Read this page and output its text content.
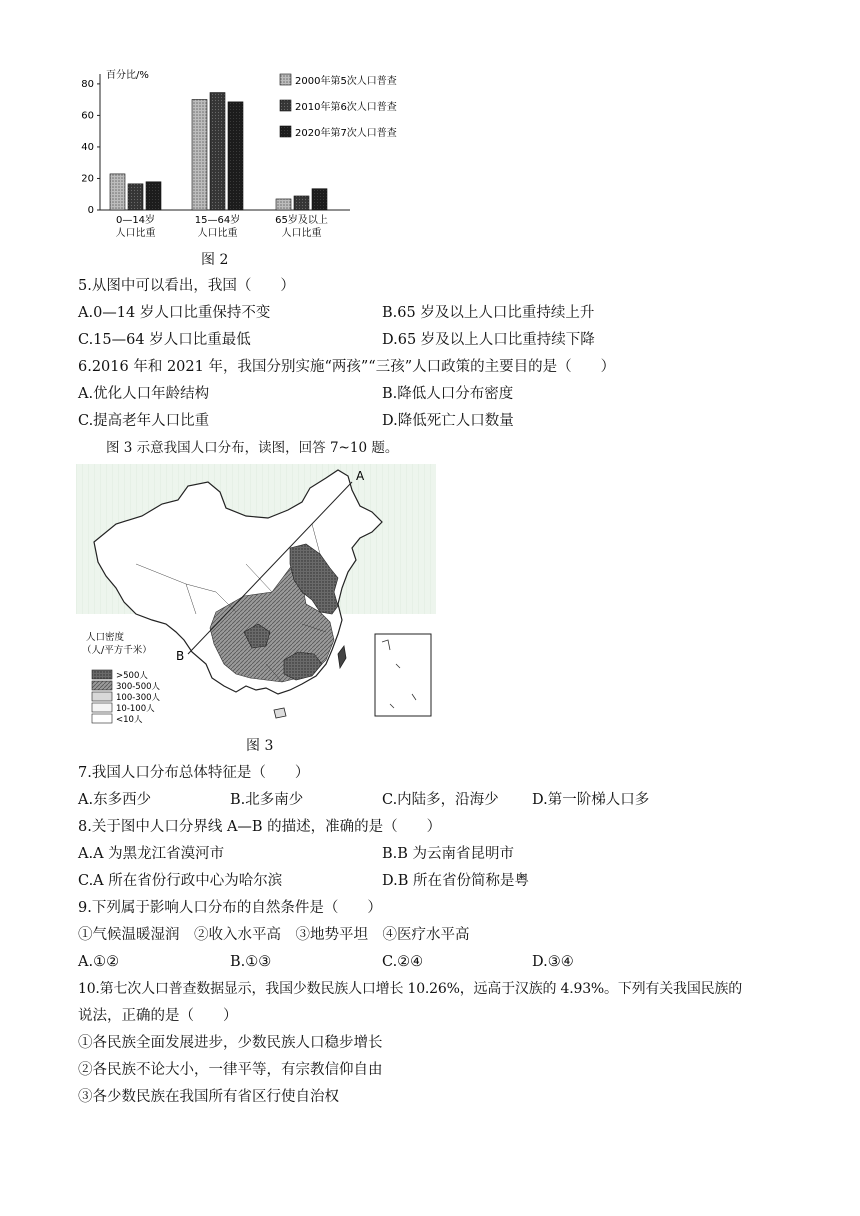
百分比/%
0
20
40
60
80
0—14岁
人口比重
15—64岁
人口比重
65岁及以上
人口比重
2000年第5次人口普查
2010年第6次人口普查
2020年第7次人口普查
图 2
5.从图中可以看出，我国（　　）
A.0—14 岁人口比重保持不变	B.65 岁及以上人口比重持续上升
C.15—64 岁人口比重最低	D.65 岁及以上人口比重持续下降
6.2016 年和 2021 年，我国分别实施“两孩”“三孩”人口政策的主要目的是（　　）
A.优化人口年龄结构	B.降低人口分布密度
C.提高老年人口比重	D.降低死亡人口数量
图 3 示意我国人口分布，读图，回答 7~10 题。
A
B
人口密度
（人/平方千米）
>500人
300-500人
100-300人
10-100人
<10人
图 3
7.我国人口分布总体特征是（　　）
A.东多西少	B.北多南少	C.内陆多，沿海少 D.第一阶梯人口多
8.关于图中人口分界线 A—B 的描述，准确的是（　　）
A.A 为黑龙江省漠河市	B.B 为云南省昆明市
C.A 所在省份行政中心为哈尔滨	D.B 所在省份简称是粤
9.下列属于影响人口分布的自然条件是（　　）
①气候温暖湿润　②收入水平高　③地势平坦　④医疗水平高
A.①②	B.①③	C.②④	D.③④
10.第七次人口普查数据显示，我国少数民族人口增长 10.26%，远高于汉族的 4.93%。下列有关我国民族的
说法，正确的是（　　）
①各民族全面发展进步，少数民族人口稳步增长
②各民族不论大小，一律平等，有宗教信仰自由
③各少数民族在我国所有省区行使自治权
